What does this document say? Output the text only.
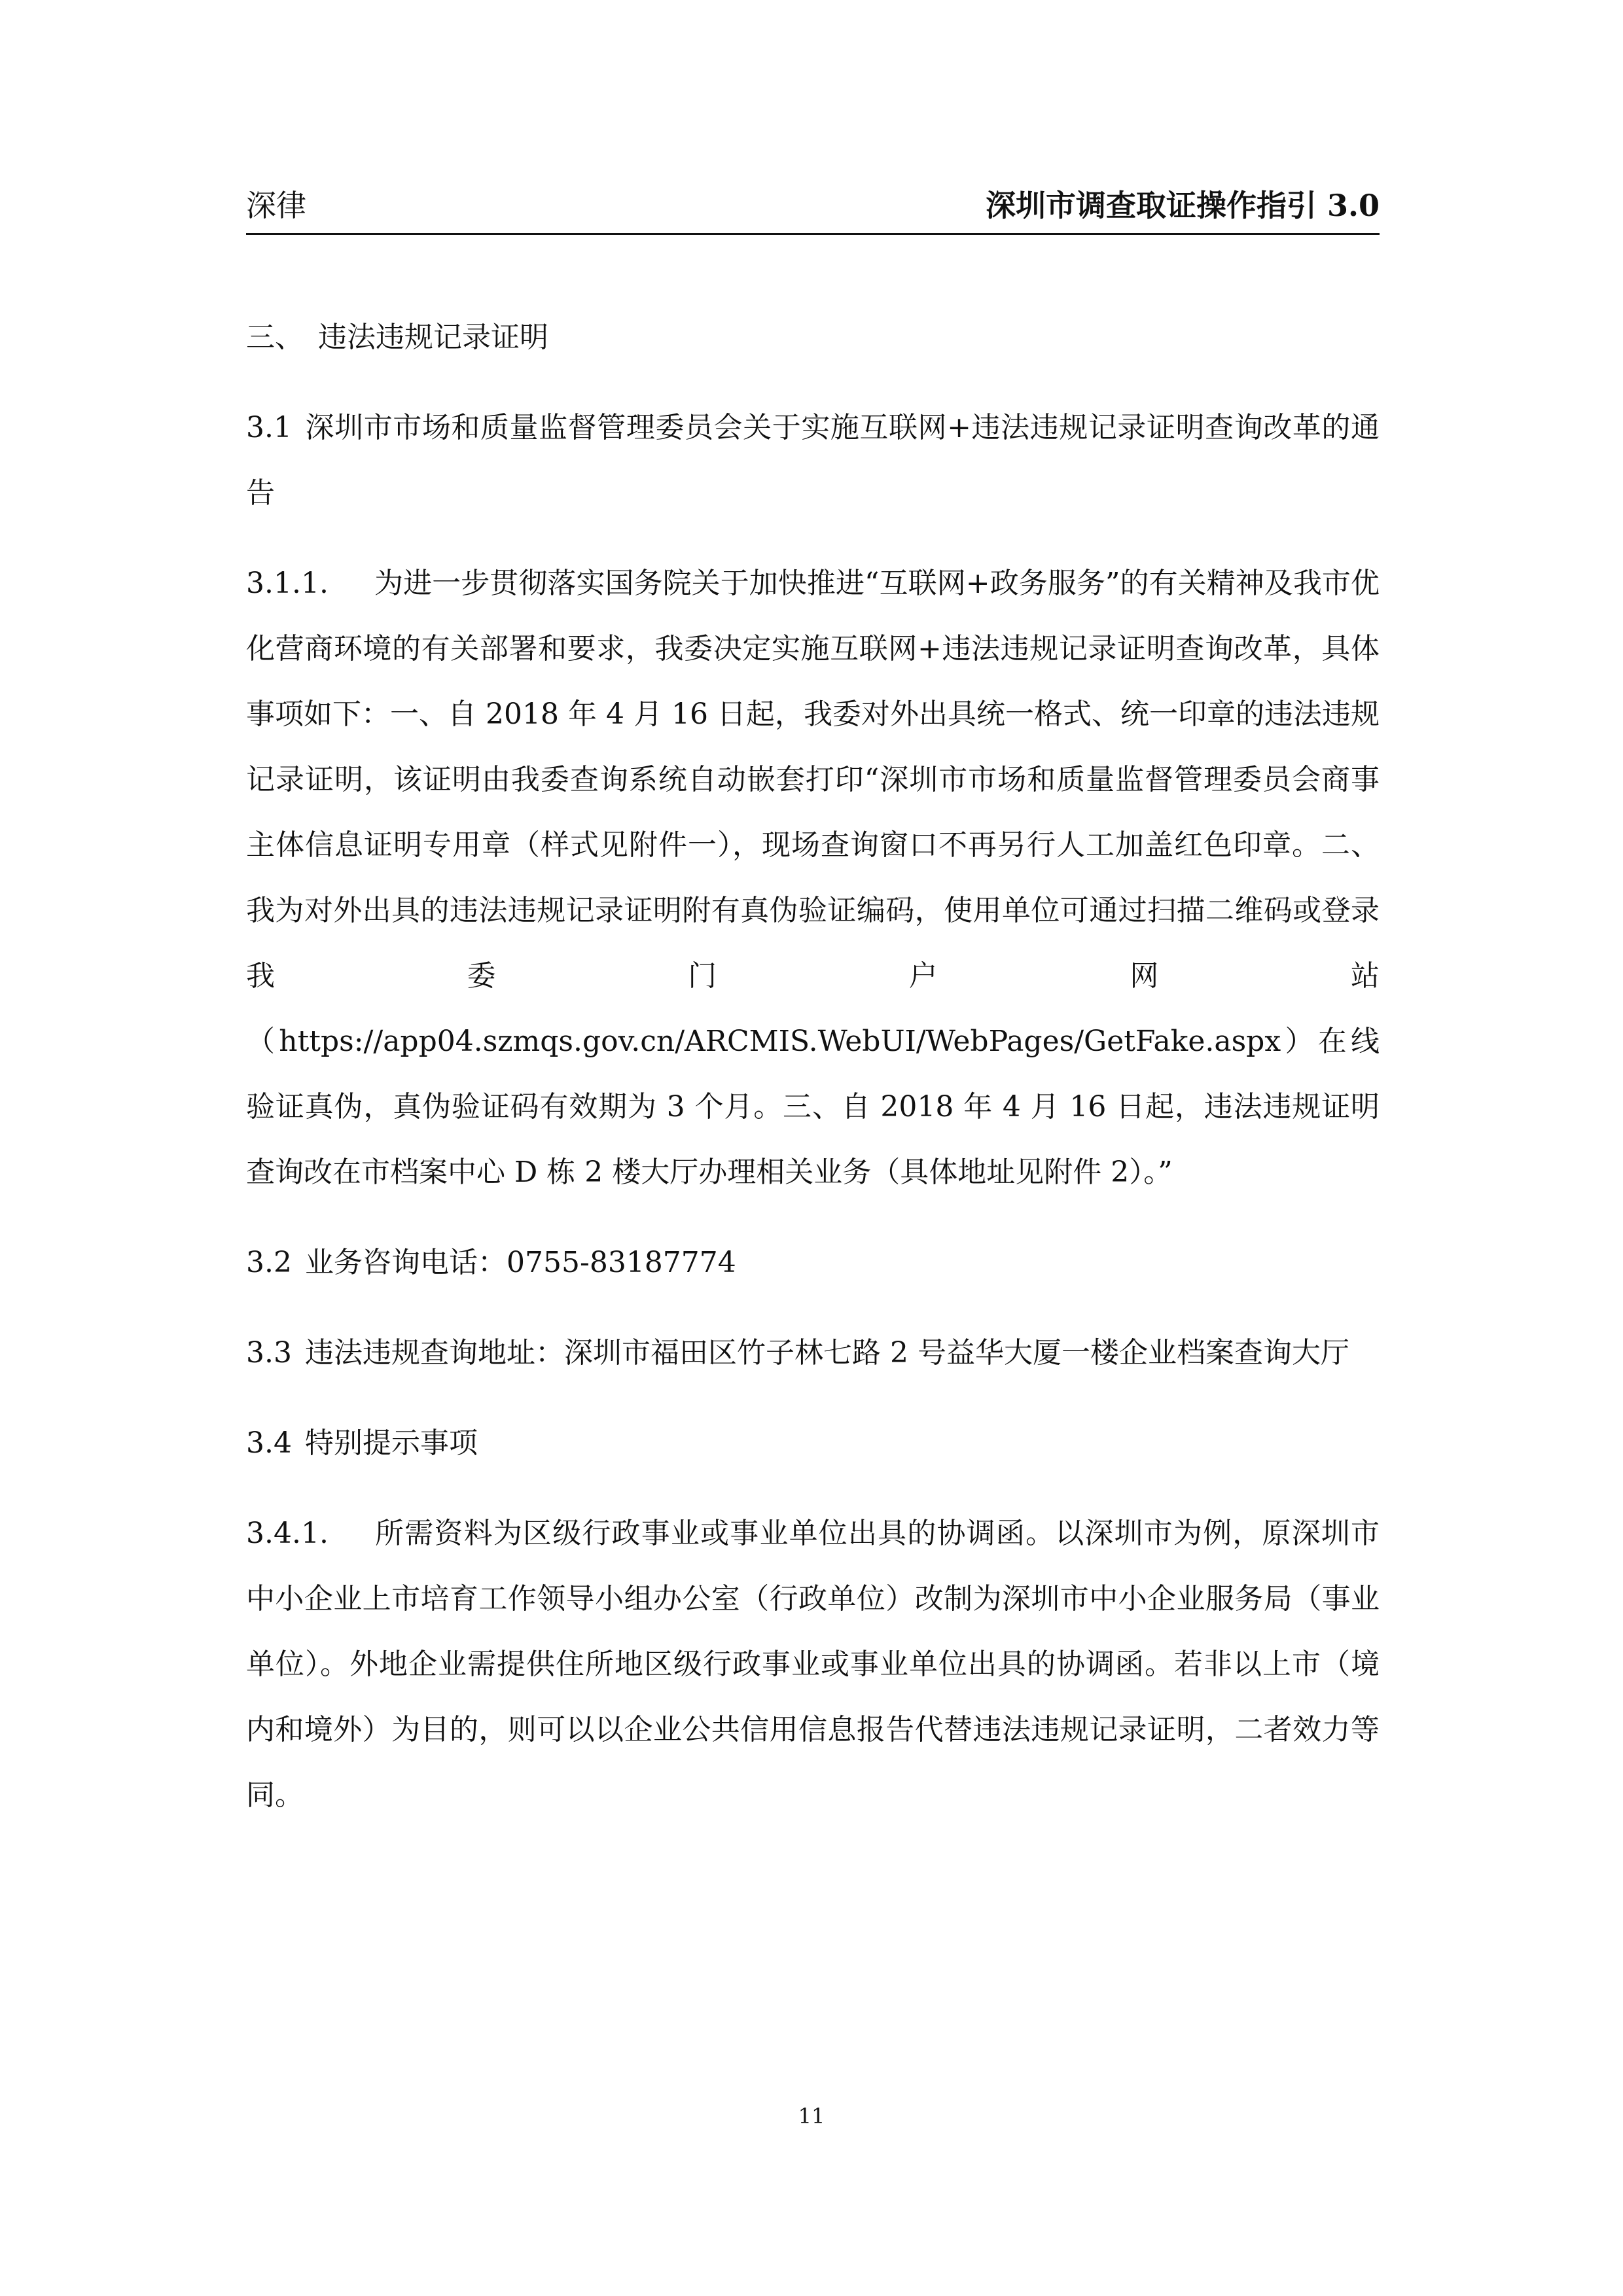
深律	深圳市调查取证操作指引 3.0

三、 违法违规记录证明

3.1 深圳市市场和质量监督管理委员会关于实施互联网+违法违规记录证明查询改革的通告

3.1.1. 为进一步贯彻落实国务院关于加快推进“互联网+政务服务”的有关精神及我市优化营商环境的有关部署和要求，我委决定实施互联网+违法违规记录证明查询改革，具体事项如下：一、自 2018 年 4 月 16 日起，我委对外出具统一格式、统一印章的违法违规记录证明，该证明由我委查询系统自动嵌套打印“深圳市市场和质量监督管理委员会商事主体信息证明专用章（样式见附件一），现场查询窗口不再另行人工加盖红色印章。二、我为对外出具的违法违规记录证明附有真伪验证编码，使用单位可通过扫描二维码或登录我委门户网站（https://app04.szmqs.gov.cn/ARCMIS.WebUI/WebPages/GetFake.aspx）在线验证真伪，真伪验证码有效期为 3 个月。三、自 2018 年 4 月 16 日起，违法违规证明查询改在市档案中心 D 栋 2 楼大厅办理相关业务（具体地址见附件 2）。”

3.2 业务咨询电话：0755-83187774

3.3 违法违规查询地址：深圳市福田区竹子林七路 2 号益华大厦一楼企业档案查询大厅

3.4 特别提示事项

3.4.1. 所需资料为区级行政事业或事业单位出具的协调函。以深圳市为例，原深圳市中小企业上市培育工作领导小组办公室（行政单位）改制为深圳市中小企业服务局（事业单位）。外地企业需提供住所地区级行政事业或事业单位出具的协调函。若非以上市（境内和境外）为目的，则可以以企业公共信用信息报告代替违法违规记录证明，二者效力等同。

11
